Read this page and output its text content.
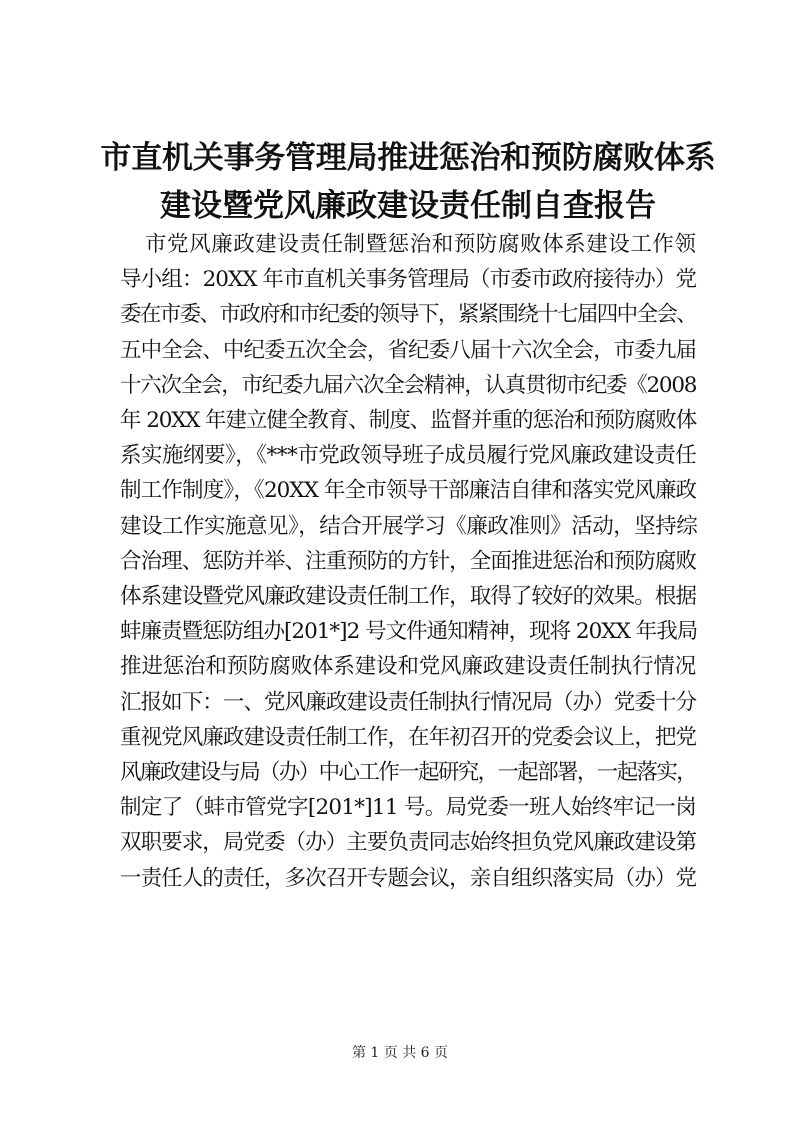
市直机关事务管理局推进惩治和预防腐败体系
建设暨党风廉政建设责任制自查报告
市党风廉政建设责任制暨惩治和预防腐败体系建设工作领
导小组：20XX 年市直机关事务管理局（市委市政府接待办）党
委在市委、市政府和市纪委的领导下，紧紧围绕十七届四中全会、
五中全会、中纪委五次全会，省纪委八届十六次全会，市委九届
十六次全会，市纪委九届六次全会精神，认真贯彻市纪委《2008
年 20XX 年建立健全教育、制度、监督并重的惩治和预防腐败体
系实施纲要》，《***市党政领导班子成员履行党风廉政建设责任
制工作制度》，《20XX 年全市领导干部廉洁自律和落实党风廉政
建设工作实施意见》，结合开展学习《廉政准则》活动，坚持综
合治理、惩防并举、注重预防的方针，全面推进惩治和预防腐败
体系建设暨党风廉政建设责任制工作，取得了较好的效果。根据
蚌廉责暨惩防组办[201*]2 号文件通知精神，现将 20XX 年我局
推进惩治和预防腐败体系建设和党风廉政建设责任制执行情况
汇报如下：一、党风廉政建设责任制执行情况局（办）党委十分
重视党风廉政建设责任制工作，在年初召开的党委会议上，把党
风廉政建设与局（办）中心工作一起研究，一起部署，一起落实，
制定了（蚌市管党字[201*]11 号。局党委一班人始终牢记一岗
双职要求，局党委（办）主要负责同志始终担负党风廉政建设第
一责任人的责任，多次召开专题会议，亲自组织落实局（办）党
第 1 页 共 6 页
